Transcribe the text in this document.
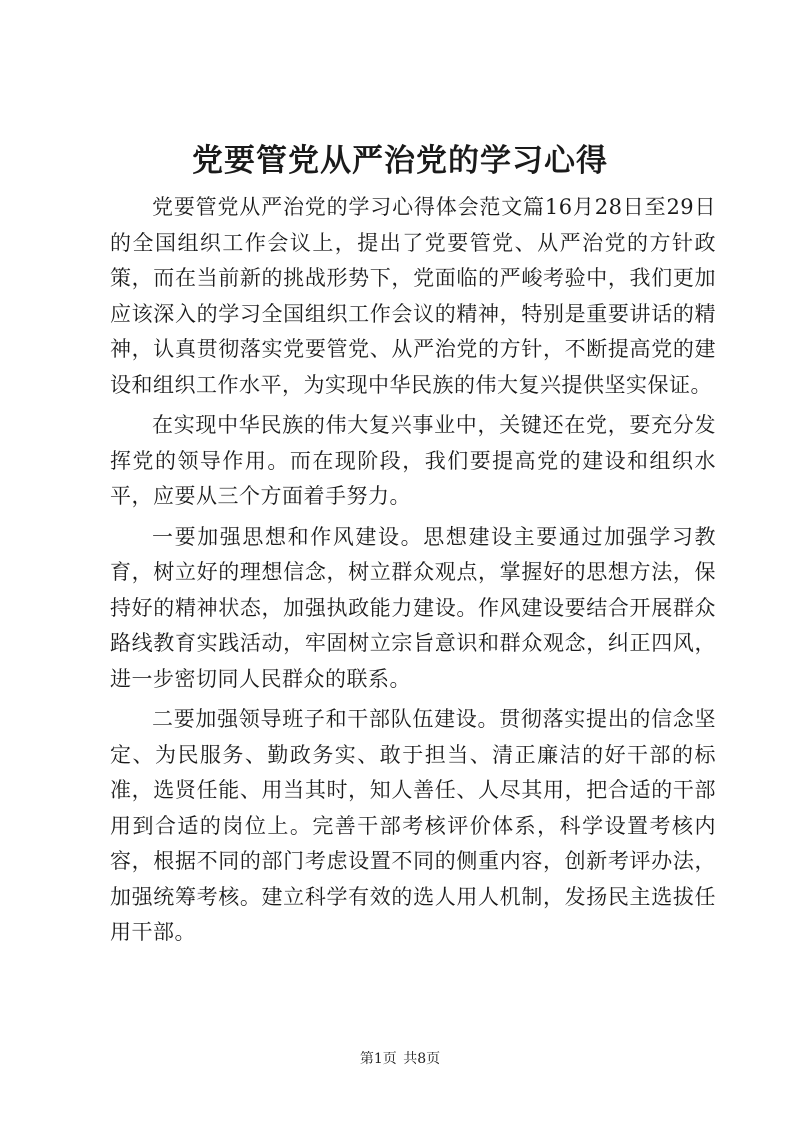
党要管党从严治党的学习心得

党要管党从严治党的学习心得体会范文篇16月28日至29日的全国组织工作会议上，提出了党要管党、从严治党的方针政策，而在当前新的挑战形势下，党面临的严峻考验中，我们更加应该深入的学习全国组织工作会议的精神，特别是重要讲话的精神，认真贯彻落实党要管党、从严治党的方针，不断提高党的建设和组织工作水平，为实现中华民族的伟大复兴提供坚实保证。

在实现中华民族的伟大复兴事业中，关键还在党，要充分发挥党的领导作用。而在现阶段，我们要提高党的建设和组织水平，应要从三个方面着手努力。

一要加强思想和作风建设。思想建设主要通过加强学习教育，树立好的理想信念，树立群众观点，掌握好的思想方法，保持好的精神状态，加强执政能力建设。作风建设要结合开展群众路线教育实践活动，牢固树立宗旨意识和群众观念，纠正四风，进一步密切同人民群众的联系。

二要加强领导班子和干部队伍建设。贯彻落实提出的信念坚定、为民服务、勤政务实、敢于担当、清正廉洁的好干部的标准，选贤任能、用当其时，知人善任、人尽其用，把合适的干部用到合适的岗位上。完善干部考核评价体系，科学设置考核内容，根据不同的部门考虑设置不同的侧重内容，创新考评办法，加强统筹考核。建立科学有效的选人用人机制，发扬民主选拔任用干部。

第1页 共8页
